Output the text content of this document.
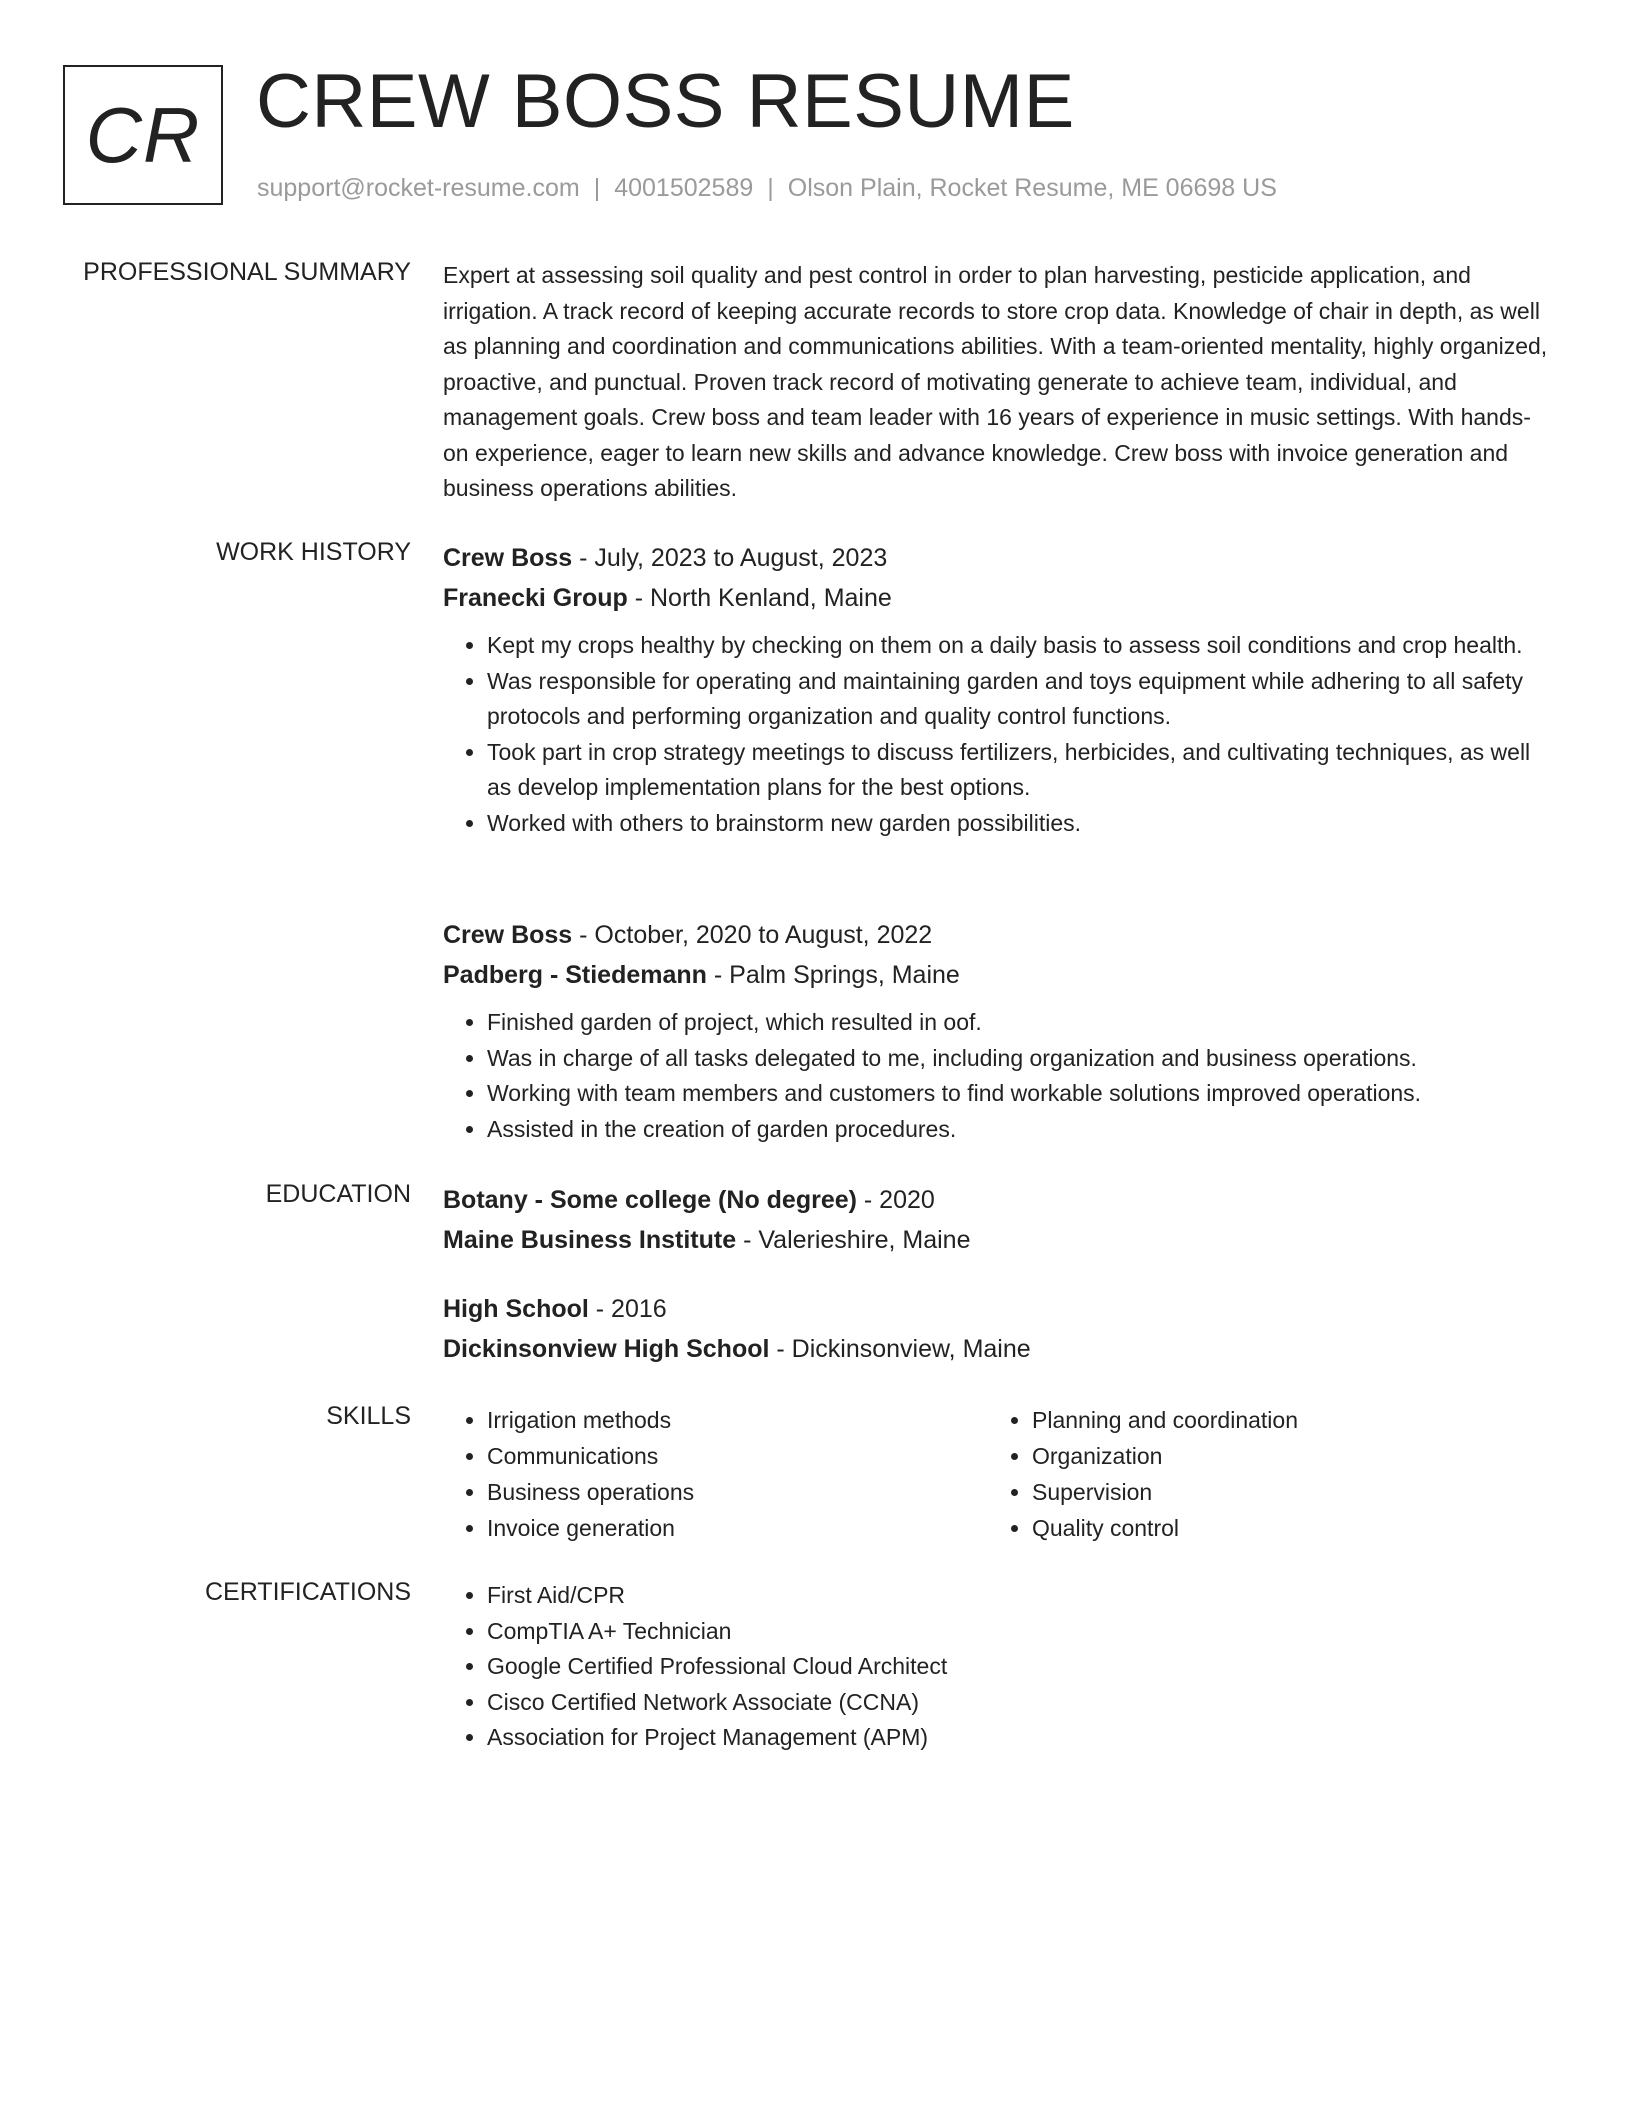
CR CREW BOSS RESUME
support@rocket-resume.com | 4001502589 | Olson Plain, Rocket Resume, ME 06698 US
PROFESSIONAL SUMMARY Expert at assessing soil quality and pest control in order to plan harvesting, pesticide application, and irrigation. A track record of keeping accurate records to store crop data. Knowledge of chair in depth, as well as planning and coordination and communications abilities. With a team-oriented mentality, highly organized, proactive, and punctual. Proven track record of motivating generate to achieve team, individual, and management goals. Crew boss and team leader with 16 years of experience in music settings. With hands-on experience, eager to learn new skills and advance knowledge. Crew boss with invoice generation and business operations abilities.

WORK HISTORY Crew Boss - July, 2023 to August, 2023

Franecki Group - North Kenland, Maine

• Kept my crops healthy by checking on them on a daily basis to assess soil conditions and crop health.
• Was responsible for operating and maintaining garden and toys equipment while adhering to all safety protocols and performing organization and quality control functions.
• Took part in crop strategy meetings to discuss fertilizers, herbicides, and cultivating techniques, as well as develop implementation plans for the best options.
• Worked with others to brainstorm new garden possibilities.

Crew Boss - October, 2020 to August, 2022

Padberg - Stiedemann - Palm Springs, Maine

• Finished garden of project, which resulted in oof.
• Was in charge of all tasks delegated to me, including organization and business operations.
• Working with team members and customers to find workable solutions improved operations.
• Assisted in the creation of garden procedures.
EDUCATION Botany - Some college (No degree) - 2020

Maine Business Institute - Valerieshire, Maine

High School - 2016

Dickinsonview High School - Dickinsonview, Maine

SKILLS	• Irrigation methods
• Communications
• Business operations
• Invoice generation
• Planning and coordination
• Organization
• Supervision
• Quality control
CERTIFICATIONS	• First Aid/CPR
• CompTIA A+ Technician
• Google Certified Professional Cloud Architect
• Cisco Certified Network Associate (CCNA)
• Association for Project Management (APM)
